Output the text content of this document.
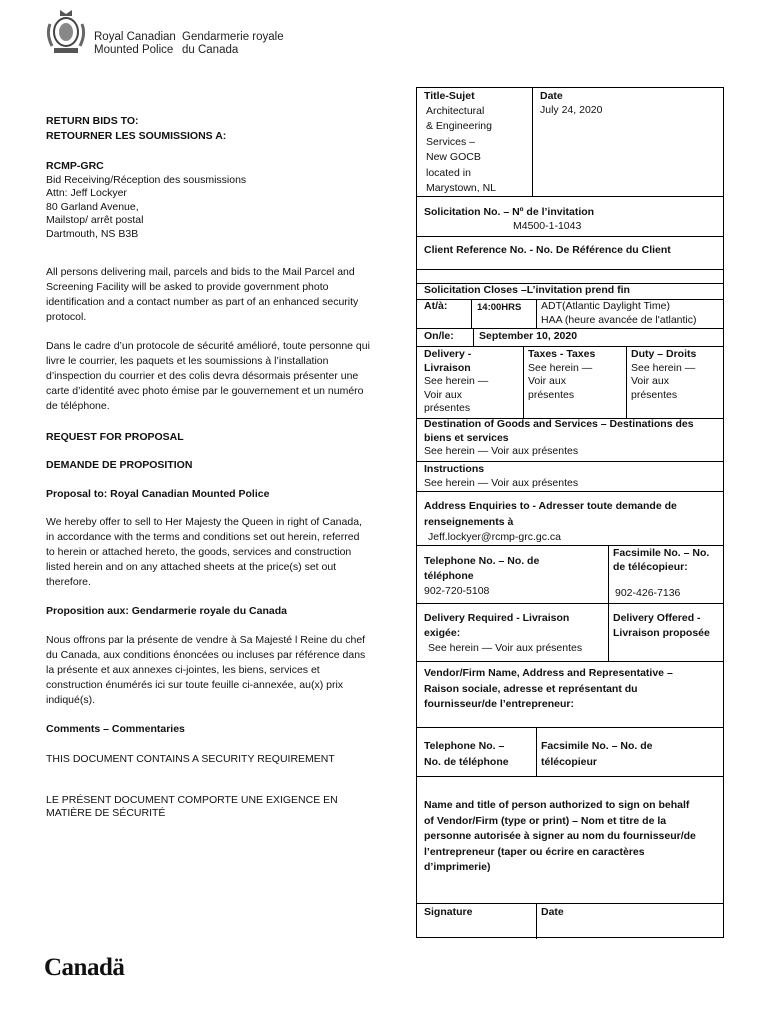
Royal Canadian
Mounted Police
Gendarmerie royale
du Canada
RETURN BIDS TO:
RETOURNER LES SOUMISSIONS A:
RCMP-GRC
Bid Receiving/Réception des sousmissions
Attn: Jeff Lockyer
80 Garland Avenue,
Mailstop/ arrêt postal
Dartmouth, NS B3B
All persons delivering mail, parcels and bids to the Mail Parcel and Screening Facility will be asked to provide government photo identification and a contact number as part of an enhanced security protocol.
Dans le cadre d’un protocole de sécurité amélioré, toute personne qui livre le courrier, les paquets et les soumissions à l’installation d’inspection du courrier et des colis devra désormais présenter une carte d’identité avec photo émise par le gouvernement et un numéro de téléphone.
REQUEST FOR PROPOSAL
DEMANDE DE PROPOSITION
Proposal to: Royal Canadian Mounted Police
We hereby offer to sell to Her Majesty the Queen in right of Canada, in accordance with the terms and conditions set out herein, referred to herein or attached hereto, the goods, services and construction listed herein and on any attached sheets at the price(s) set out therefore.
Proposition aux: Gendarmerie royale du Canada
Nous offrons par la présente de vendre à Sa Majesté l Reine du chef du Canada, aux conditions énoncées ou incluses par référence dans la présente et aux annexes ci-jointes, les biens, services et construction énumérés ici sur toute feuille ci-annexée, au(x) prix indiqué(s).
Comments – Commentaries
THIS DOCUMENT CONTAINS A SECURITY REQUIREMENT
LE PRÉSENT DOCUMENT COMPORTE UNE EXIGENCE EN MATIÈRE DE SÉCURITÉ
Title-Sujet
Architectural
& Engineering
Services –
New GOCB
located in
Marystown, NL
Date
July 24, 2020
Solicitation No. – Nº de l’invitation
M4500-1-1043
Client Reference No. - No. De Référence du Client
Solicitation Closes –L’invitation prend fin
At/à:	14:00HRS ADT(Atlantic Daylight Time)
HAA (heure avancée de l'atlantic)
On/le: September 10, 2020
Delivery -
Livraison
See herein —
Voir aux
présentes
Taxes - Taxes
See herein —
Voir aux
présentes
Duty – Droits
See herein —
Voir aux
présentes
Destination of Goods and Services – Destinations des
biens et services
See herein — Voir aux présentes
Instructions
See herein — Voir aux présentes
Address Enquiries to - Adresser toute demande de
renseignements à
Jeff.lockyer@rcmp-grc.gc.ca
Telephone No. – No. de
téléphone
902-720-5108
Facsimile No. – No.
de télécopieur:
902-426-7136
Delivery Required - Livraison
exigée:
See herein — Voir aux présentes
Delivery Offered -
Livraison proposée
Vendor/Firm Name, Address and Representative –
Raison sociale, adresse et représentant du
fournisseur/de l’entrepreneur:
Telephone No. –
No. de téléphone
Facsimile No. – No. de
télécopieur
Name and title of person authorized to sign on behalf
of Vendor/Firm (type or print) – Nom et titre de la
personne autorisée à signer au nom du fournisseur/de
l’entrepreneur (taper ou écrire en caractères
d’imprimerie)
Signature	Date
Canadä
